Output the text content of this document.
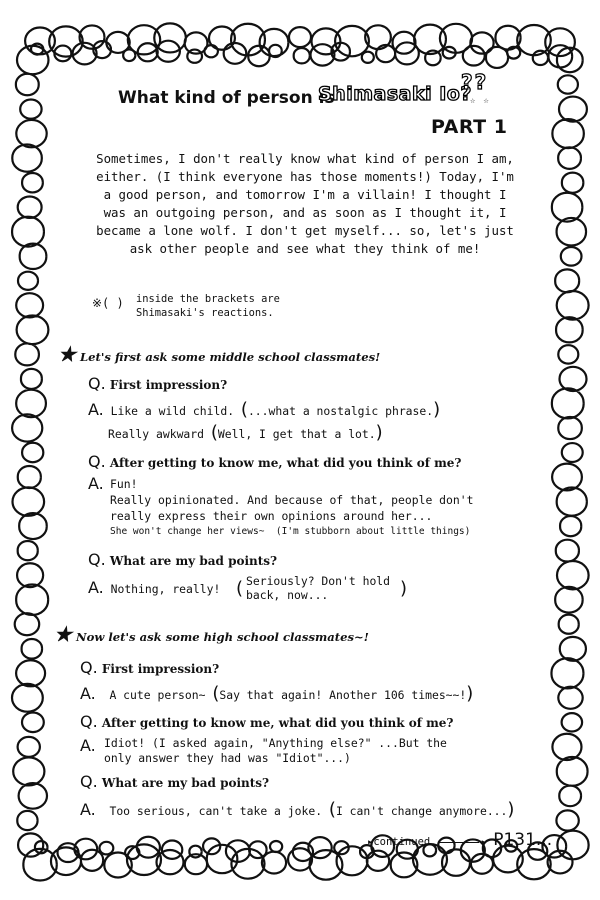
What kind of person is
Shimasaki Io?
??
☆☆
PART 1
Sometimes, I don't really know what kind of person I am, either. (I think everyone has those moments!) Today, I'm a good person, and tomorrow I'm a villain! I thought I was an outgoing person, and as soon as I thought it, I became a lone wolf. I don't get myself... so, let's just ask other people and see what they think of me!
※( ) inside the brackets are
Shimasaki's reactions.
★ Let's first ask some middle school classmates!
Q. First impression?
A. Like a wild child. (...what a nostalgic phrase.)
Really awkward (Well, I get that a lot.)
Q. After getting to know me, what did you think of me?
A. Fun!
Really opinionated. And because of that, people don't
really express their own opinions around her...
She won't change her views~  (I'm stubborn about little things)
Q. What are my bad points?
A. Nothing, really! ( Seriously? Don't hold
back, now...	)
★ Now let's ask some high school classmates~!
Q. First impression?
A. A cute person~ (Say that again! Another 106 times~~!)
Q. After getting to know me, what did you think of me?
A. Idiot! (I asked again, "Anything else?" ...But the
only answer they had was "Idiot"...)
Q. What are my bad points?
A. Too serious, can't take a joke. (I can't change anymore...)
▸continued	▸ P131...
